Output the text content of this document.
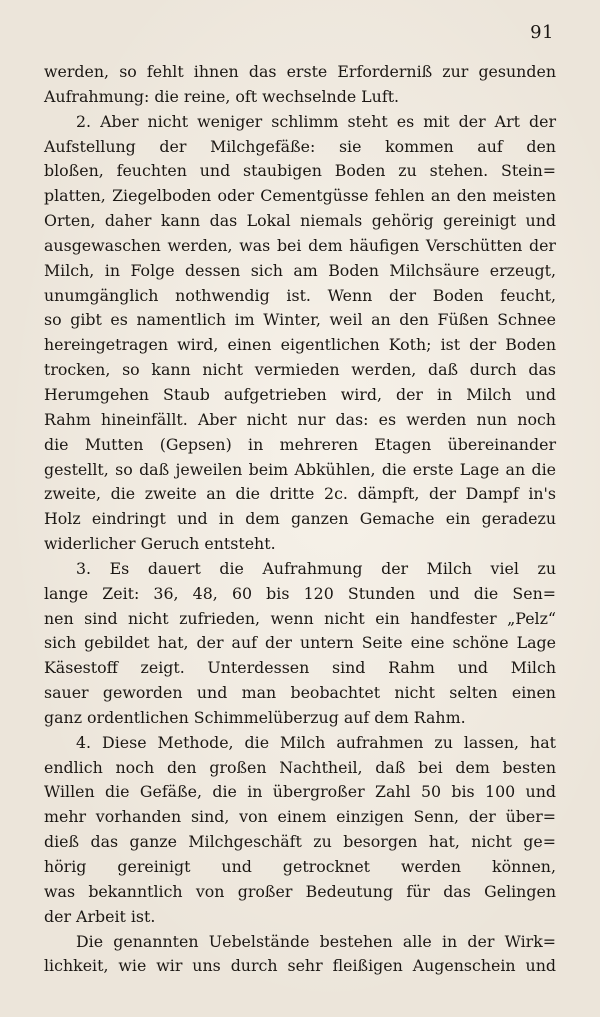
91
werden, so fehlt ihnen das erste Erforderniß zur gesunden
Aufrahmung: die reine, oft wechselnde Luft.
2. Aber nicht weniger schlimm steht es mit der Art der
Aufstellung der Milchgefäße: sie kommen auf den
bloßen, feuchten und staubigen Boden zu stehen. Stein=
platten, Ziegelboden oder Cementgüsse fehlen an den meisten
Orten, daher kann das Lokal niemals gehörig gereinigt und
ausgewaschen werden, was bei dem häufigen Verschütten der
Milch, in Folge dessen sich am Boden Milchsäure erzeugt,
unumgänglich nothwendig ist. Wenn der Boden feucht,
so gibt es namentlich im Winter, weil an den Füßen Schnee
hereingetragen wird, einen eigentlichen Koth; ist der Boden
trocken, so kann nicht vermieden werden, daß durch das
Herumgehen Staub aufgetrieben wird, der in Milch und
Rahm hineinfällt. Aber nicht nur das: es werden nun noch
die Mutten (Gepsen) in mehreren Etagen übereinander
gestellt, so daß jeweilen beim Abkühlen, die erste Lage an die
zweite, die zweite an die dritte 2c. dämpft, der Dampf in's
Holz eindringt und in dem ganzen Gemache ein geradezu
widerlicher Geruch entsteht.
3. Es dauert die Aufrahmung der Milch viel zu
lange Zeit: 36, 48, 60 bis 120 Stunden und die Sen=
nen sind nicht zufrieden, wenn nicht ein handfester „Pelz“
sich gebildet hat, der auf der untern Seite eine schöne Lage
Käsestoff zeigt. Unterdessen sind Rahm und Milch
sauer geworden und man beobachtet nicht selten einen
ganz ordentlichen Schimmelüberzug auf dem Rahm.
4. Diese Methode, die Milch aufrahmen zu lassen, hat
endlich noch den großen Nachtheil, daß bei dem besten
Willen die Gefäße, die in übergroßer Zahl 50 bis 100 und
mehr vorhanden sind, von einem einzigen Senn, der über=
dieß das ganze Milchgeschäft zu besorgen hat, nicht ge=
hörig gereinigt und getrocknet werden können,
was bekanntlich von großer Bedeutung für das Gelingen
der Arbeit ist.
Die genannten Uebelstände bestehen alle in der Wirk=
lichkeit, wie wir uns durch sehr fleißigen Augenschein und
